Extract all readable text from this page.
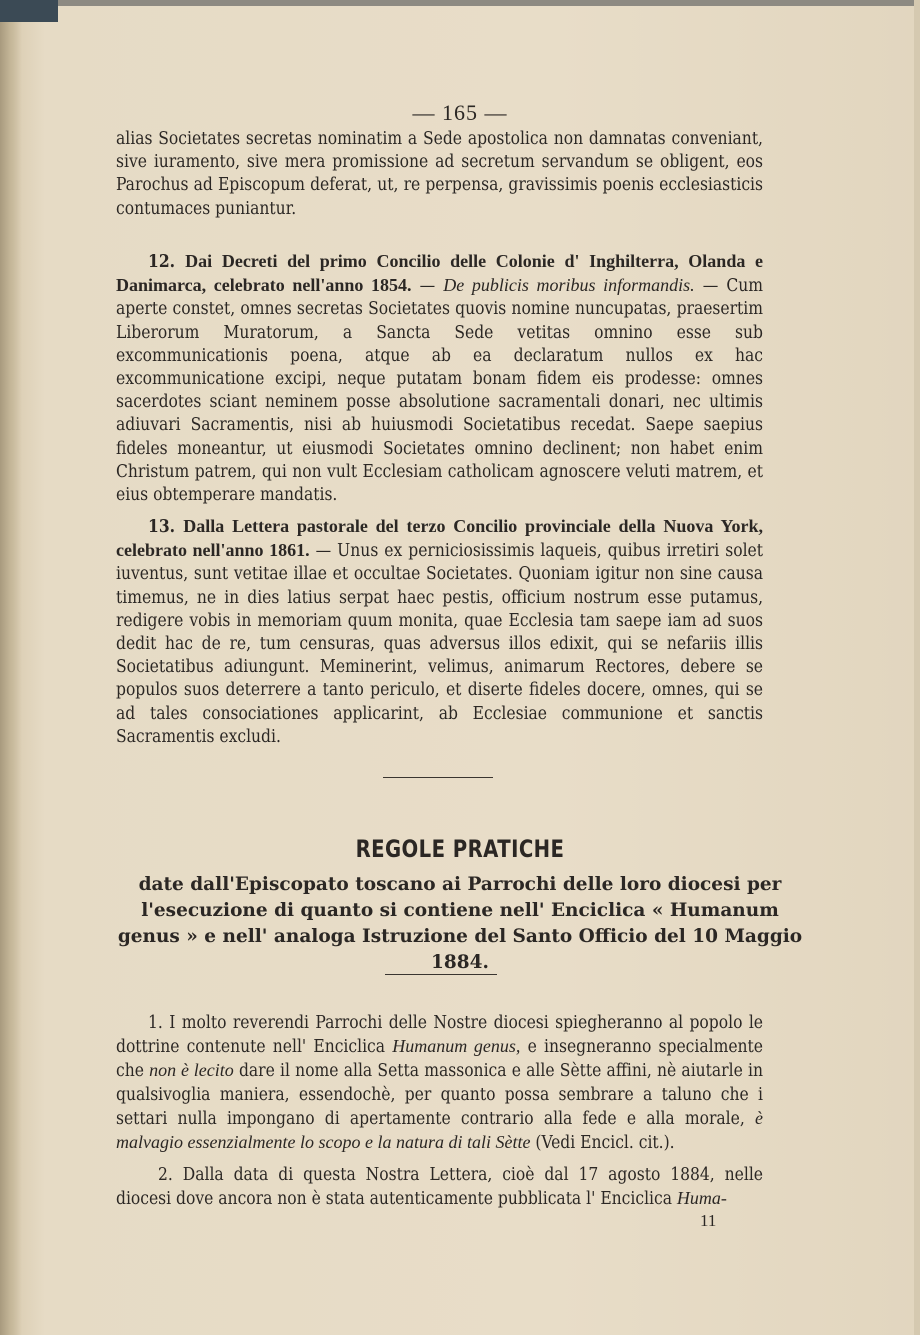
— 165 —

alias Societates secretas nominatim a Sede apostolica non damnatas conveniant, sive iuramento, sive mera promissione ad secretum servandum se obligent, eos Parochus ad Episcopum deferat, ut, re perpensa, gravissimis poenis ecclesiasticis contumaces puniantur.

12. Dai Decreti del primo Concilio delle Colonie d' Inghilterra, Olanda e Danimarca, celebrato nell'anno 1854. — De publicis moribus informandis. — Cum aperte constet, omnes secretas Societates quovis nomine nuncupatas, praesertim Liberorum Muratorum, a Sancta Sede vetitas omnino esse sub excommunicationis poena, atque ab ea declaratum nullos ex hac excommunicatione excipi, neque putatam bonam fidem eis prodesse: omnes sacerdotes sciant neminem posse absolutione sacramentali donari, nec ultimis adiuvari Sacramentis, nisi ab huiusmodi Societatibus recedat. Saepe saepius fideles moneantur, ut eiusmodi Societates omnino declinent; non habet enim Christum patrem, qui non vult Ecclesiam catholicam agnoscere veluti matrem, et eius obtemperare mandatis.

13. Dalla Lettera pastorale del terzo Concilio provinciale della Nuova York, celebrato nell'anno 1861. — Unus ex perniciosissimis laqueis, quibus irretiri solet iuventus, sunt vetitae illae et occultae Societates. Quoniam igitur non sine causa timemus, ne in dies latius serpat haec pestis, officium nostrum esse putamus, redigere vobis in memoriam quum monita, quae Ecclesia tam saepe iam ad suos dedit hac de re, tum censuras, quas adversus illos edixit, qui se nefariis illis Societatibus adiungunt. Meminerint, velimus, animarum Rectores, debere se populos suos deterrere a tanto periculo, et diserte fideles docere, omnes, qui se ad tales consociationes applicarint, ab Ecclesiae communione et sanctis Sacramentis excludi.

REGOLE PRATICHE

date dall'Episcopato toscano ai Parrochi delle loro diocesi per l'esecuzione di quanto si contiene nell' Enciclica « Humanum genus » e nell' analoga Istruzione del Santo Officio del 10 Maggio 1884.

1. I molto reverendi Parrochi delle Nostre diocesi spiegheranno al popolo le dottrine contenute nell' Enciclica Humanum genus, e insegneranno specialmente che non è lecito dare il nome alla Setta massonica e alle Sètte affini, nè aiutarle in qualsivoglia maniera, essendochè, per quanto possa sembrare a taluno che i settari nulla impongano di apertamente contrario alla fede e alla morale, è malvagio essenzialmente lo scopo e la natura di tali Sètte (Vedi Encicl. cit.).

2. Dalla data di questa Nostra Lettera, cioè dal 17 agosto 1884, nelle diocesi dove ancora non è stata autenticamente pubblicata l' Enciclica Huma-

11
